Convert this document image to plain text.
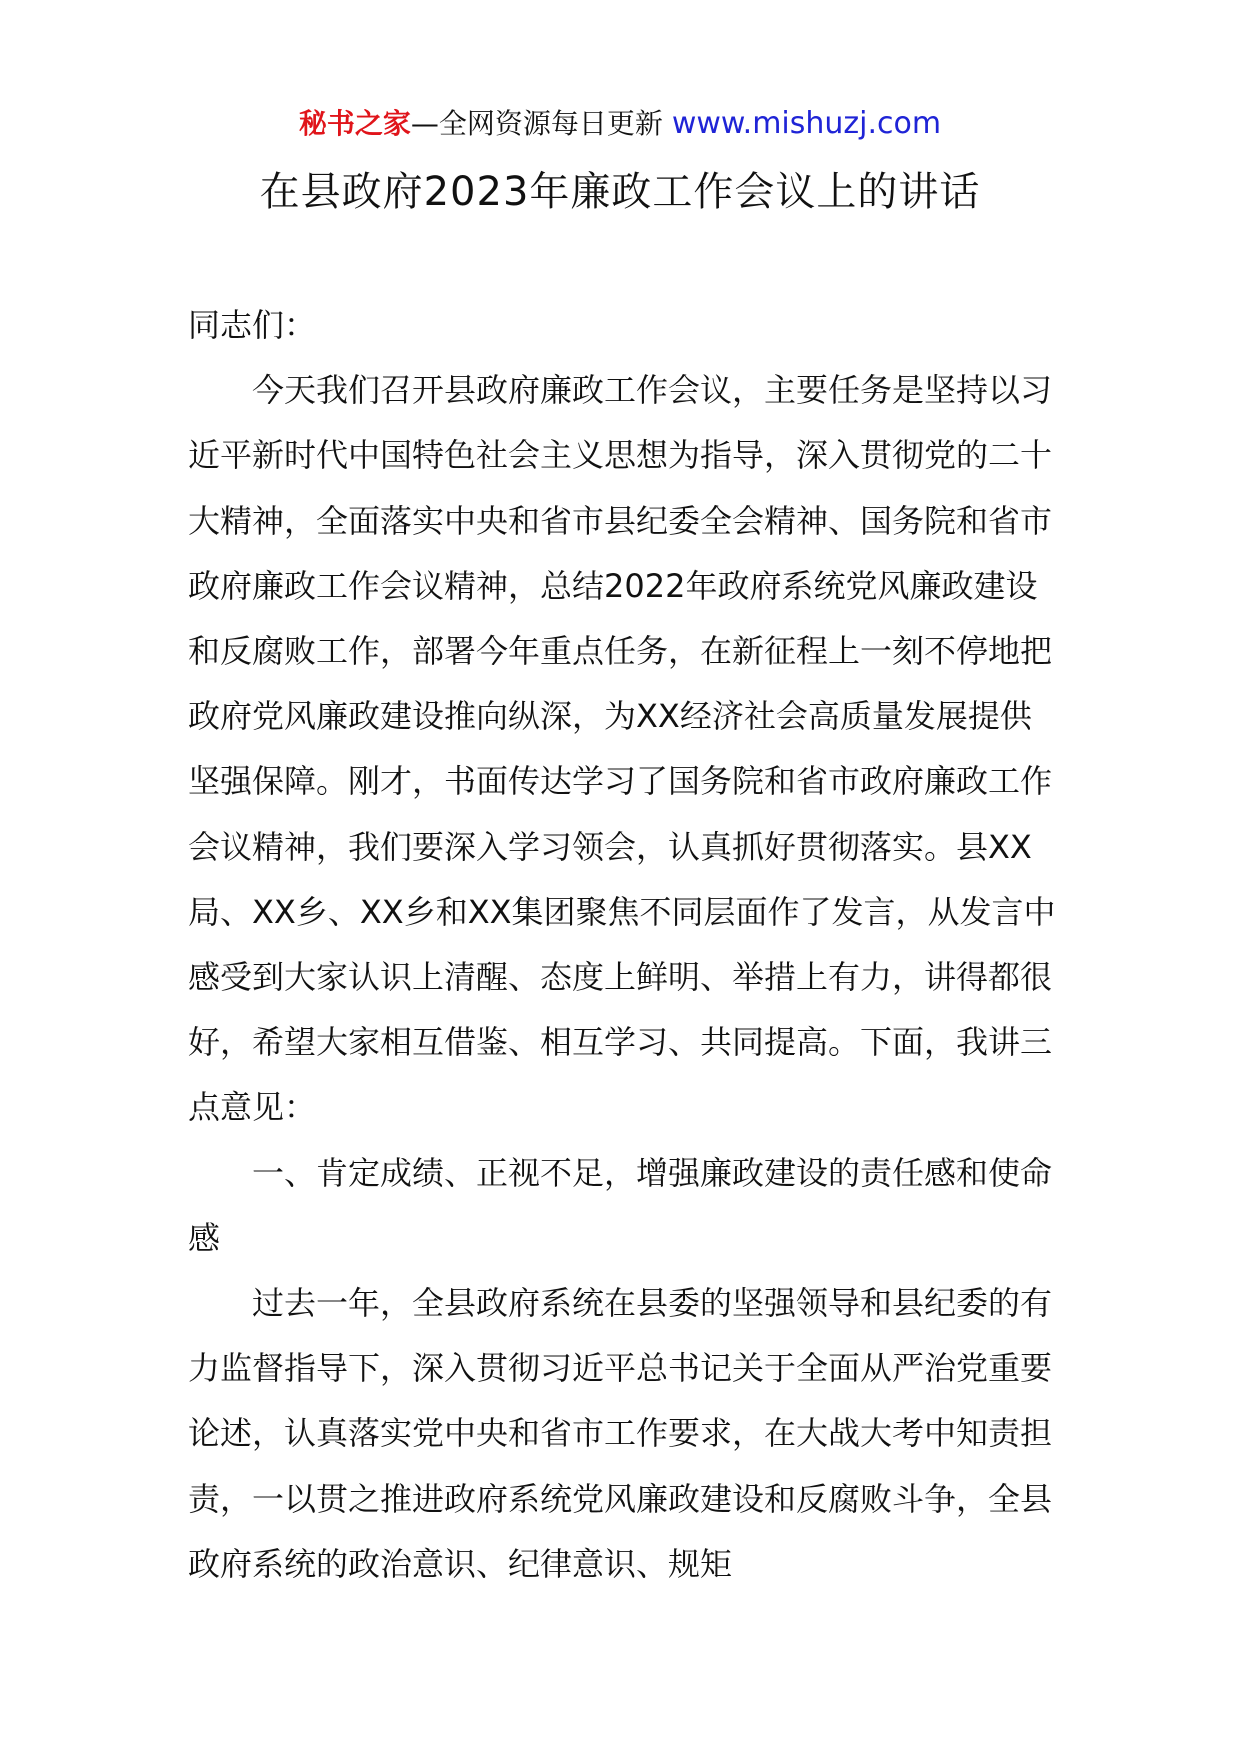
秘书之家—全网资源每日更新 www.mishuzj.com
在县政府2023年廉政工作会议上的讲话

同志们：

今天我们召开县政府廉政工作会议，主要任务是坚持以习近平新时代中国特色社会主义思想为指导，深入贯彻党的二十大精神，全面落实中央和省市县纪委全会精神、国务院和省市政府廉政工作会议精神，总结2022年政府系统党风廉政建设和反腐败工作，部署今年重点任务，在新征程上一刻不停地把政府党风廉政建设推向纵深，为XX经济社会高质量发展提供坚强保障。刚才，书面传达学习了国务院和省市政府廉政工作会议精神，我们要深入学习领会，认真抓好贯彻落实。县XX局、XX乡、XX乡和XX集团聚焦不同层面作了发言，从发言中感受到大家认识上清醒、态度上鲜明、举措上有力，讲得都很好，希望大家相互借鉴、相互学习、共同提高。下面，我讲三点意见：

一、肯定成绩、正视不足，增强廉政建设的责任感和使命感

过去一年，全县政府系统在县委的坚强领导和县纪委的有力监督指导下，深入贯彻习近平总书记关于全面从严治党重要论述，认真落实党中央和省市工作要求，在大战大考中知责担责，一以贯之推进政府系统党风廉政建设和反腐败斗争，全县政府系统的政治意识、纪律意识、规矩
